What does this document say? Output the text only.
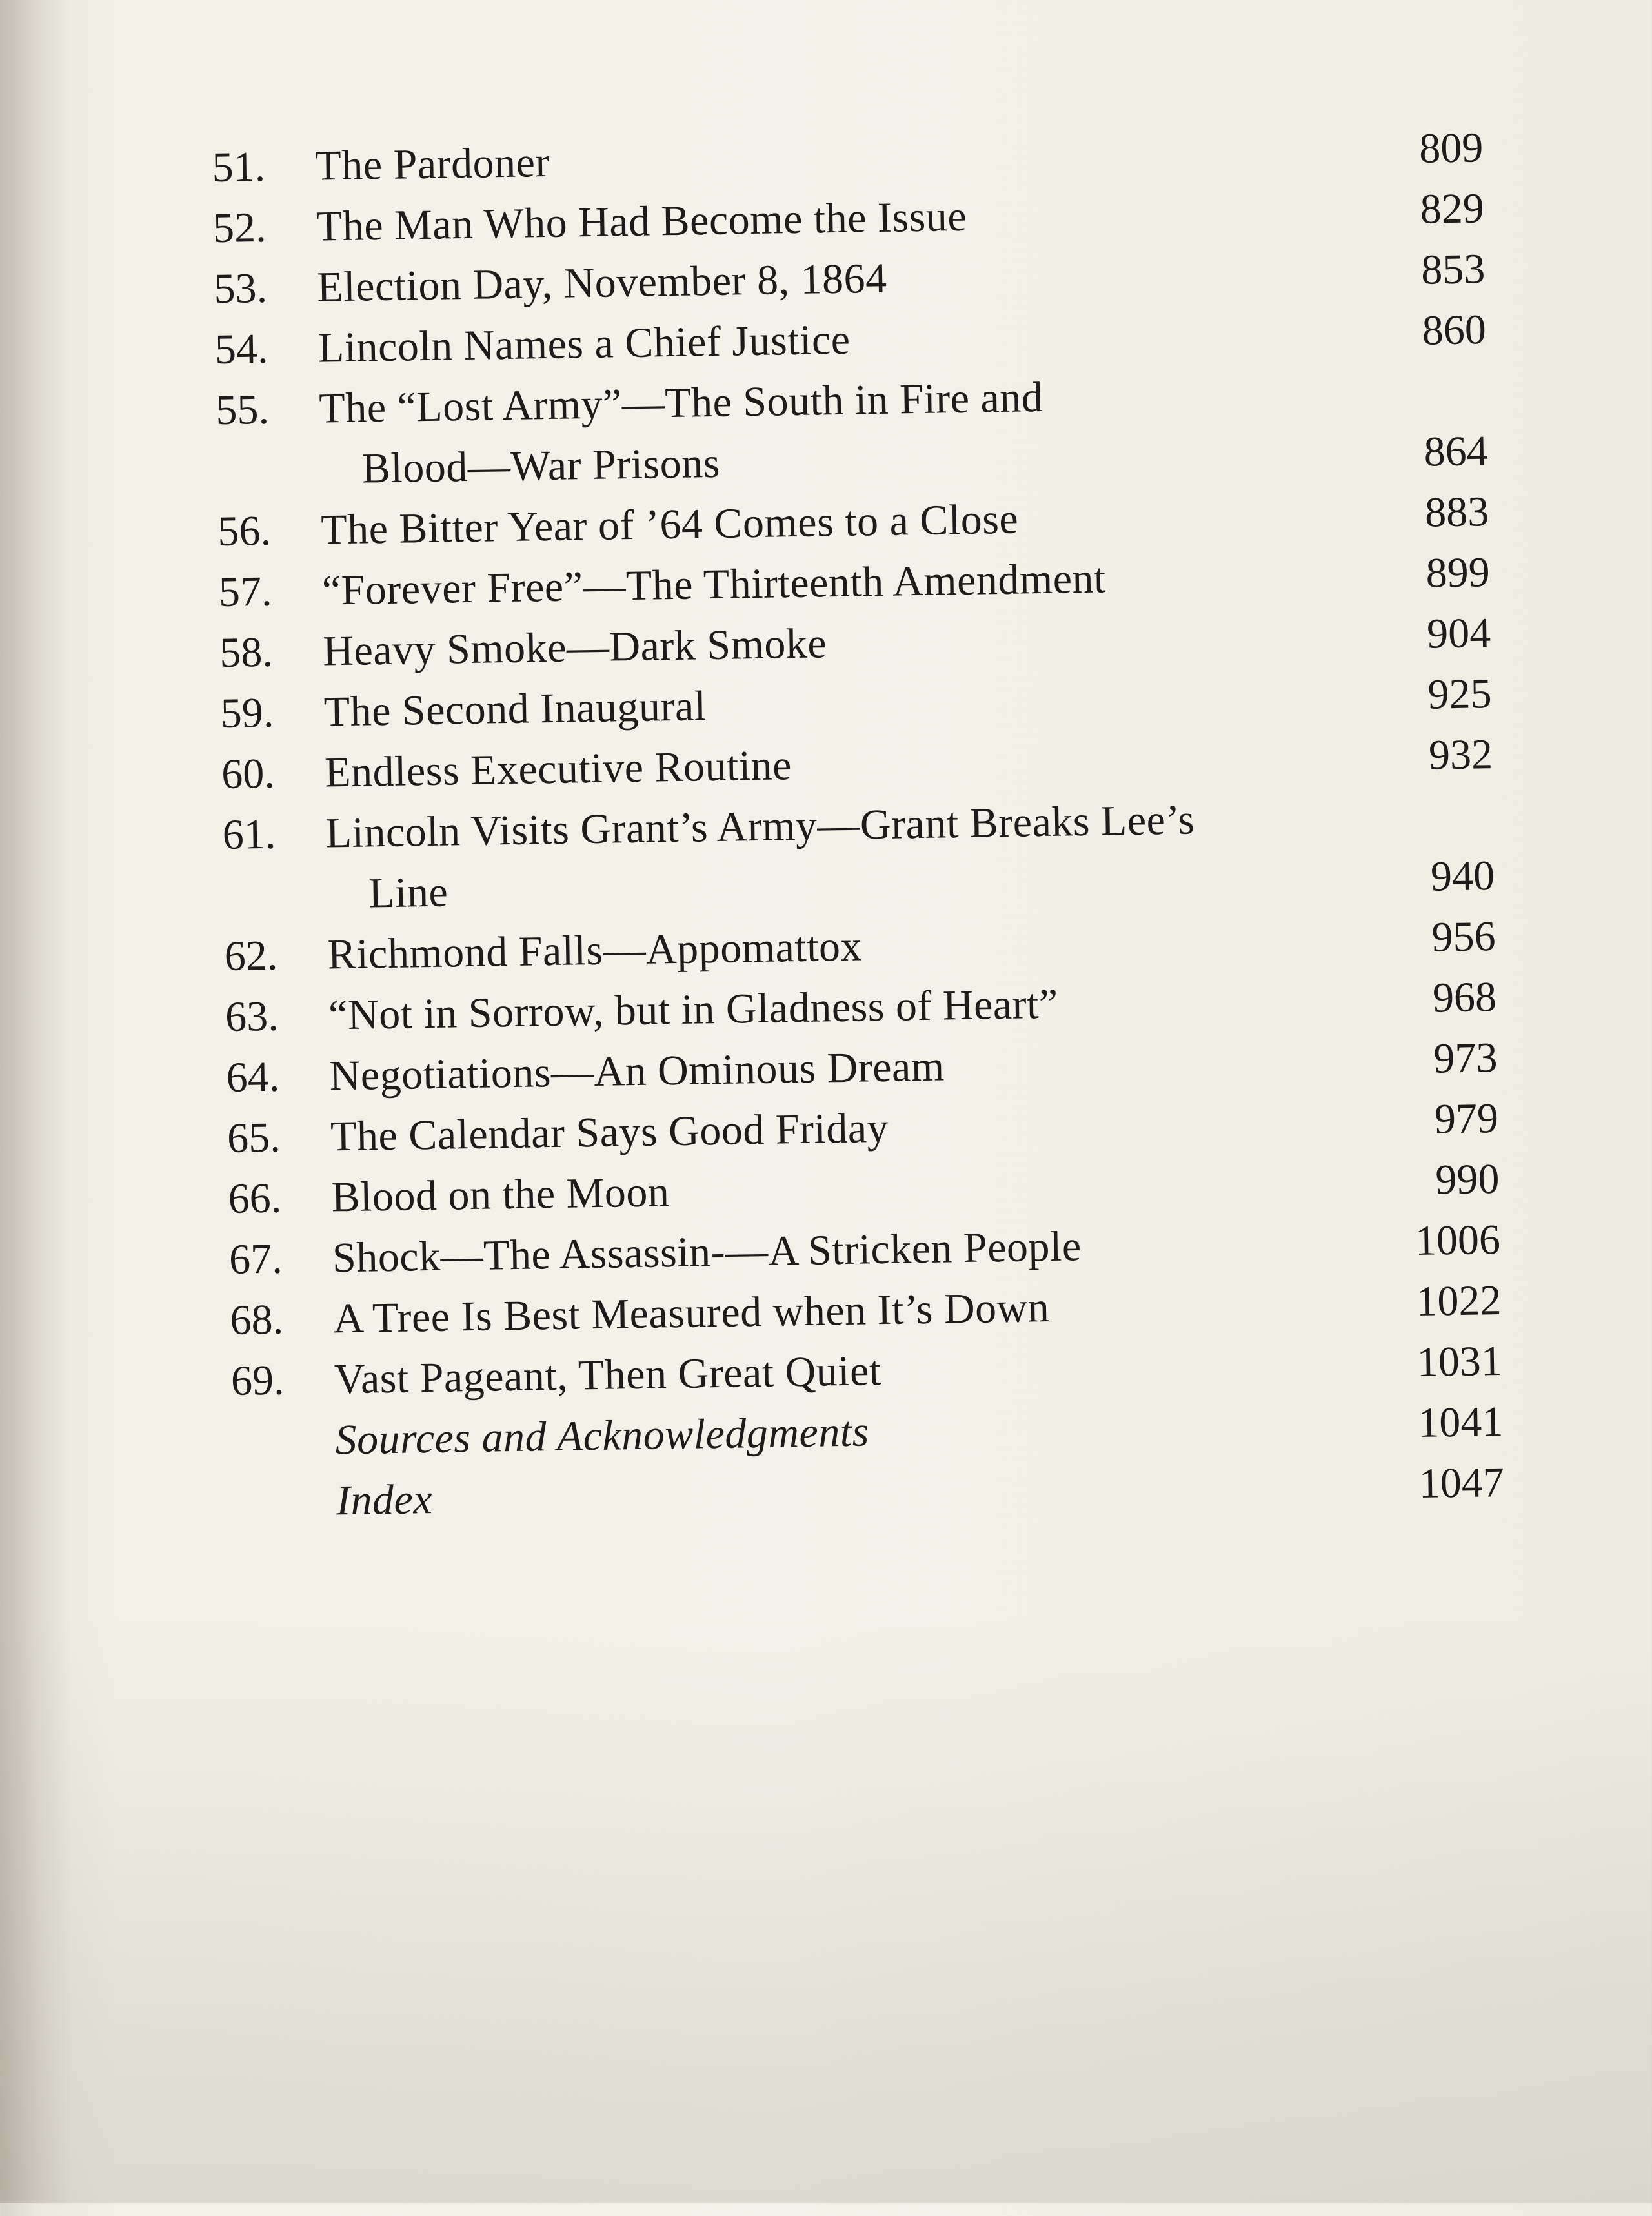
51.	The Pardoner	809
52.	The Man Who Had Become the Issue	829
53.	Election Day, November 8, 1864	853
54.	Lincoln Names a Chief Justice	860
55.	The “Lost Army”—The South in Fire and
Blood—War Prisons	864
56.	The Bitter Year of ’64 Comes to a Close	883
57.	“Forever Free”—The Thirteenth Amendment	899
58.	Heavy Smoke—Dark Smoke	904
59.	The Second Inaugural	925
60.	Endless Executive Routine	932
61.	Lincoln Visits Grant’s Army—Grant Breaks Lee’s
Line	940
62.	Richmond Falls—Appomattox	956
63.	“Not in Sorrow, but in Gladness of Heart”	968
64.	Negotiations—An Ominous Dream	973
65.	The Calendar Says Good Friday	979
66.	Blood on the Moon	990
67.	Shock—The Assassin-—A Stricken People	1006
68.	A Tree Is Best Measured when It’s Down	1022
69.	Vast Pageant, Then Great Quiet	1031
Sources and Acknowledgments	1041
Index	1047
